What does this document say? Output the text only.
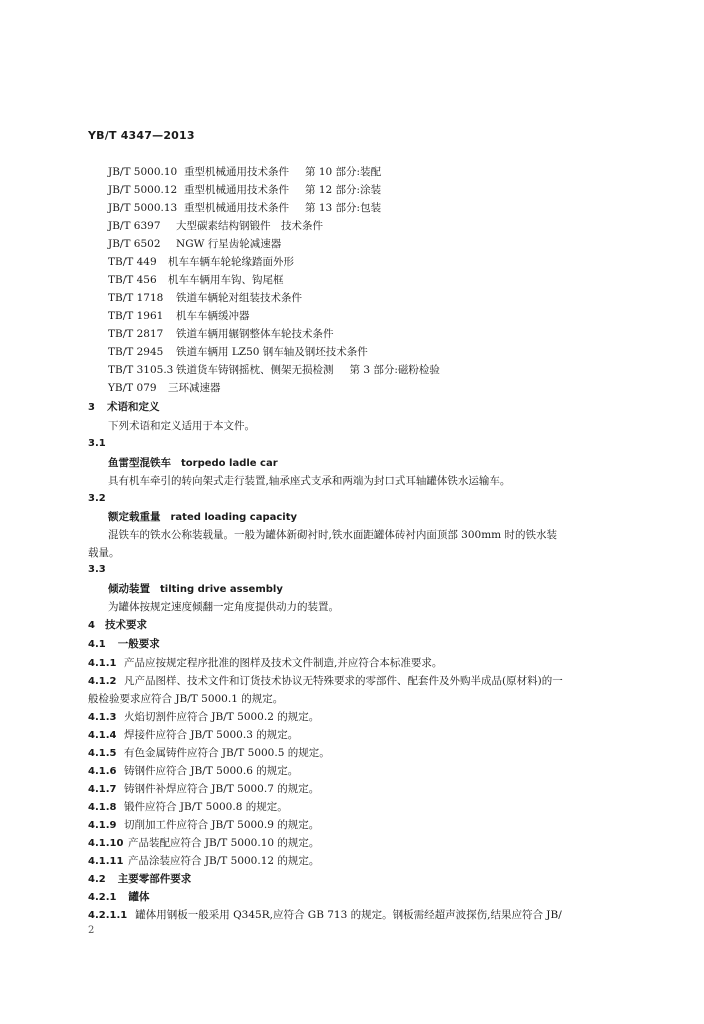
YB/T 4347—2013
JB/T 5000.10 重型机械通用技术条件 第 10 部分:装配
JB/T 5000.12 重型机械通用技术条件 第 12 部分:涂装
JB/T 5000.13 重型机械通用技术条件 第 13 部分:包装
JB/T 6397 大型碳素结构钢锻件　技术条件
JB/T 6502 NGW 行星齿轮减速器
TB/T 449 机车车辆车轮轮缘踏面外形
TB/T 456 机车车辆用车钩、钩尾框
TB/T 1718 铁道车辆轮对组装技术条件
TB/T 1961 机车车辆缓冲器
TB/T 2817 铁道车辆用辗钢整体车轮技术条件
TB/T 2945 铁道车辆用 LZ50 钢车轴及钢坯技术条件
TB/T 3105.3 铁道货车铸钢摇枕、侧架无损检测 第 3 部分:磁粉检验
YB/T 079 三环减速器
3 术语和定义
下列术语和定义适用于本文件。
3.1
鱼雷型混铁车 torpedo ladle car
具有机车牵引的转向架式走行装置,轴承座式支承和两端为封口式耳轴罐体铁水运输车。
3.2
额定载重量 rated loading capacity
混铁车的铁水公称装载量。一般为罐体新砌衬时,铁水面距罐体砖衬内面顶部 300mm 时的铁水装
载量。
3.3
倾动装置 tilting drive assembly
为罐体按规定速度倾翻一定角度提供动力的装置。
4 技术要求
4.1 一般要求
4.1.1 产品应按规定程序批准的图样及技术文件制造,并应符合本标准要求。
4.1.2 凡产品图样、技术文件和订货技术协议无特殊要求的零部件、配套件及外购半成品(原材料)的一
般检验要求应符合 JB/T 5000.1 的规定。
4.1.3 火焰切割件应符合 JB/T 5000.2 的规定。
4.1.4 焊接件应符合 JB/T 5000.3 的规定。
4.1.5 有色金属铸件应符合 JB/T 5000.5 的规定。
4.1.6 铸钢件应符合 JB/T 5000.6 的规定。
4.1.7 铸钢件补焊应符合 JB/T 5000.7 的规定。
4.1.8 锻件应符合 JB/T 5000.8 的规定。
4.1.9 切削加工件应符合 JB/T 5000.9 的规定。
4.1.10 产品装配应符合 JB/T 5000.10 的规定。
4.1.11 产品涂装应符合 JB/T 5000.12 的规定。
4.2 主要零部件要求
4.2.1 罐体
4.2.1.1 罐体用钢板一般采用 Q345R,应符合 GB 713 的规定。钢板需经超声波探伤,结果应符合 JB/
2
